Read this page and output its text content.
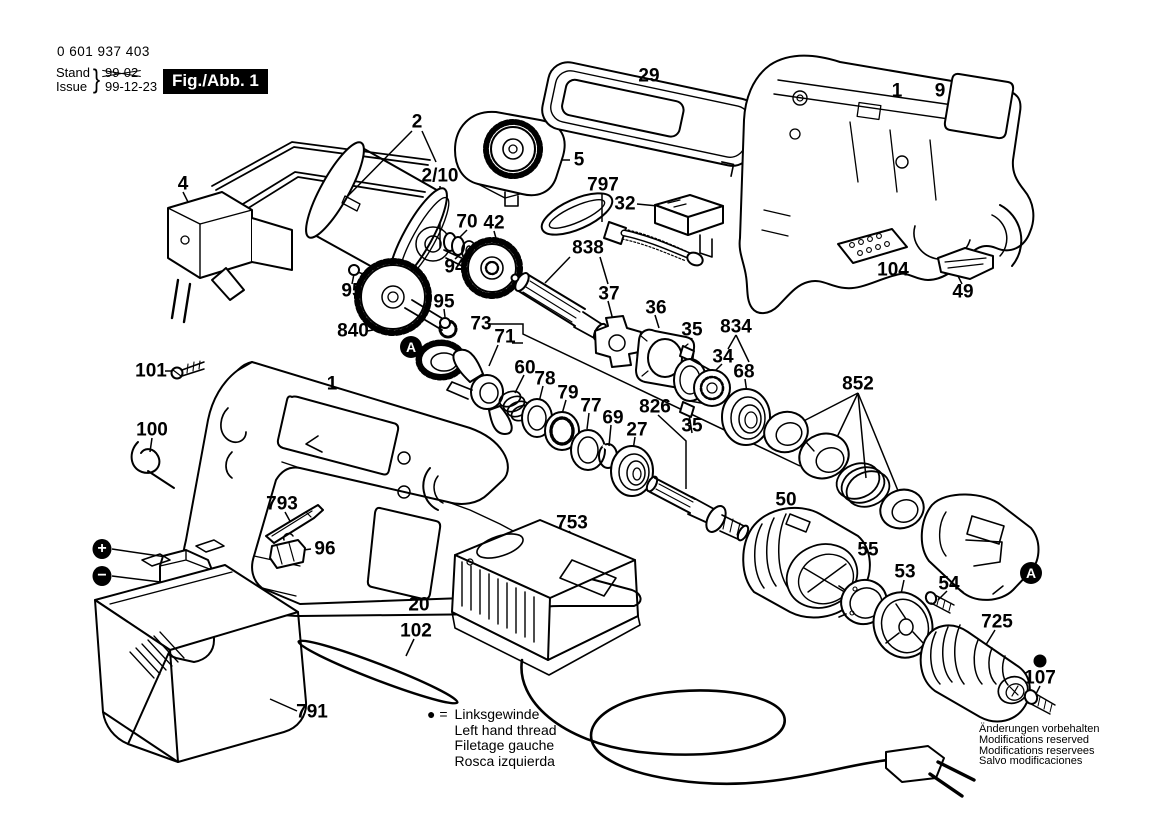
4
2
2/10
5
29
797
32
1 9
104
49
70 42
94
95
95
840
838
37
36
35 834
34
68
852
826
35
27
101
1
73
71
60
78
79
77
69
100
793
96
20
102
753
50
55
53
54
725
107
791
A
A
+
−
0 601 937 403
Stand
Issue } 99-02
99-12-23 Fig./Abb. 1
● = Linksgewinde
Left hand thread
Filetage gauche
Rosca izquierda
Änderungen vorbehalten
Modifications reserved
Modifications reservees
Salvo modificaciones
